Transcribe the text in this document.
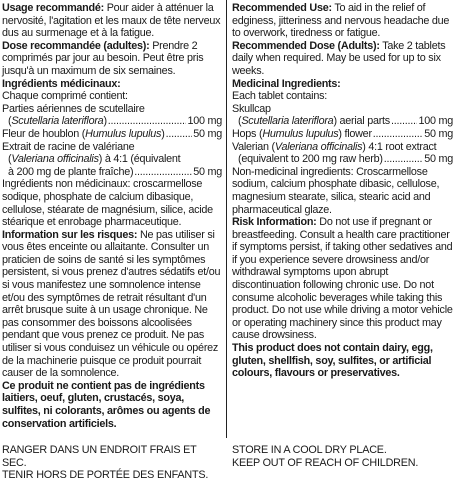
Usage recommandé: Pour aider à atténuer la nervosité, l'agitation et les maux de tête nerveux dus au surmenage et à la fatigue.

Dose recommandée (adultes): Prendre 2 comprimés par jour au besoin. Peut être pris jusqu'à un maximum de six semaines.

Ingrédients médicinaux:

Chaque comprimé contient:

Parties aériennes de scutellaire

( Scutellaria lateriflora ) .....	100 mg
Fleur de houblon ( Humulus lupulus ) .....	50 mg

Extrait de racine de valériane

(Valeriana officinalis) à 4:1 (équivalent

à 200 mg de plante fraîche) .....	50 mg

Ingrédients non médicinaux: croscarmellose sodique, phosphate de calcium dibasique, cellulose, stéarate de magnésium, silice, acide stéarique et enrobage pharmaceutique.

Information sur les risques: Ne pas utiliser si vous êtes enceinte ou allaitante. Consulter un praticien de soins de santé si les symptômes persistent, si vous prenez d'autres sédatifs et/ou si vous manifestez une somnolence intense et/ou des symptômes de retrait résultant d'un arrêt brusque suite à un usage chronique. Ne pas consommer des boissons alcoolisées pendant que vous prenez ce produit. Ne pas utiliser si vous conduisez un véhicule ou opérez de la machinerie puisque ce produit pourrait causer de la somnolence.

Ce produit ne contient pas de ingrédients laitiers, oeuf, gluten, crustacés, soya, sulfites, ni colorants, arômes ou agents de conservation artificiels.

Recommended Use: To aid in the relief of edginess, jitteriness and nervous headache due to overwork, tiredness or fatigue.

Recommended Dose (Adults): Take 2 tablets daily when required. May be used for up to six weeks.

Medicinal Ingredients:

Each tablet contains:

Skullcap

( Scutellaria lateriflora ) aerial parts .....	100 mg
Hops ( Humulus lupulus ) flower .....	50 mg

Valerian (Valeriana officinalis) 4:1 root extract

(equivalent to 200 mg raw herb) .....	50 mg

Non-medicinal ingredients: Croscarmellose sodium, calcium phosphate dibasic, cellulose, magnesium stearate, silica, stearic acid and pharmaceutical glaze.

Risk Information: Do not use if pregnant or breastfeeding. Consult a health care practitioner if symptoms persist, if taking other sedatives and if you experience severe drowsiness and/or withdrawal symptoms upon abrupt discontinuation following chronic use. Do not consume alcoholic beverages while taking this product. Do not use while driving a motor vehicle or operating machinery since this product may cause drowsiness.

This product does not contain dairy, egg, gluten, shellfish, soy, sulfites, or artificial colours, flavours or preservatives.

RANGER DANS UN ENDROIT FRAIS ET SEC.
TENIR HORS DE PORTÉE DES ENFANTS.
STORE IN A COOL DRY PLACE.
KEEP OUT OF REACH OF CHILDREN.
